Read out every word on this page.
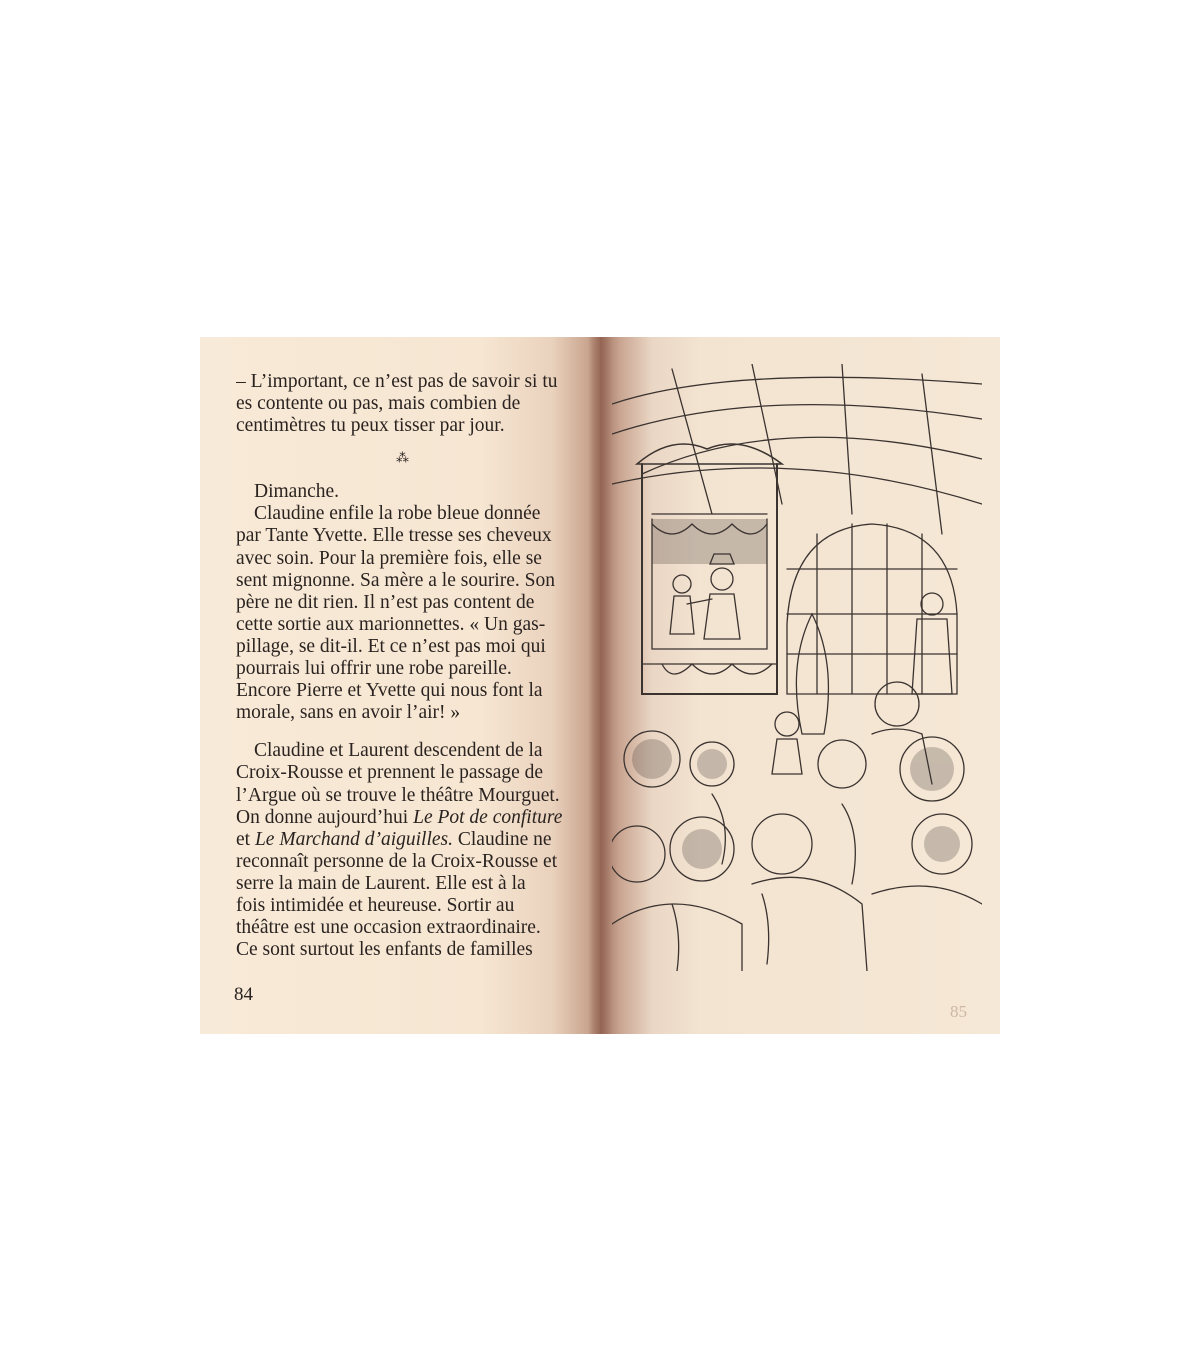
– L’important, ce n’est pas de savoir si tu

es contente ou pas, mais combien de

centimètres tu peux tisser par jour.

Dimanche.

Claudine enfile la robe bleue donnée

par Tante Yvette. Elle tresse ses cheveux

avec soin. Pour la première fois, elle se

sent mignonne. Sa mère a le sourire. Son

père ne dit rien. Il n’est pas content de

cette sortie aux marionnettes. « Un gas-

pillage, se dit-il. Et ce n’est pas moi qui

pourrais lui offrir une robe pareille.

Encore Pierre et Yvette qui nous font la

morale, sans en avoir l’air! »

Claudine et Laurent descendent de la

Croix-Rousse et prennent le passage de

l’Argue où se trouve le théâtre Mourguet.

On donne aujourd’hui Le Pot de confiture

et Le Marchand d’aiguilles. Claudine ne

reconnaît personne de la Croix-Rousse et

serre la main de Laurent. Elle est à la

fois intimidée et heureuse. Sortir au

théâtre est une occasion extraordinaire.

Ce sont surtout les enfants de familles

⁂
84
85
